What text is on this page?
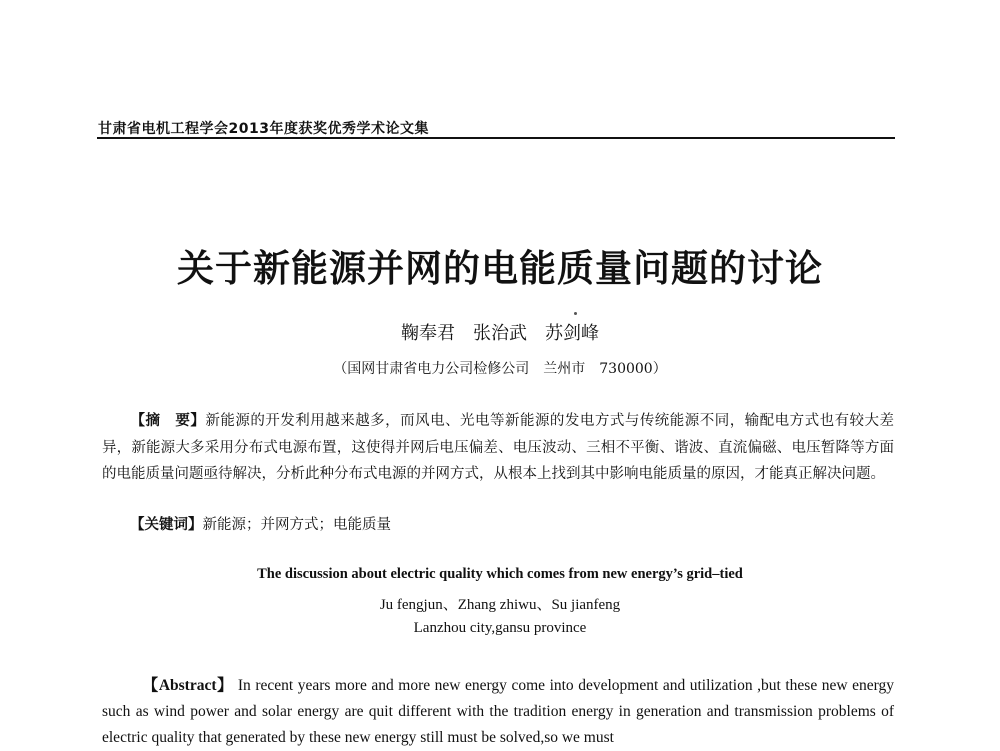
甘肃省电机工程学会2013年度获奖优秀学术论文集
关于新能源并网的电能质量问题的讨论
鞠奉君　张治武　苏剑峰
（国网甘肃省电力公司检修公司　兰州市　730000）
【摘　要】新能源的开发利用越来越多，而风电、光电等新能源的发电方式与传统能源不同，输配电方式也有较大差异，新能源大多采用分布式电源布置，这使得并网后电压偏差、电压波动、三相不平衡、谐波、直流偏磁、电压暂降等方面的电能质量问题亟待解决，分析此种分布式电源的并网方式，从根本上找到其中影响电能质量的原因，才能真正解决问题。
【关键词】新能源；并网方式；电能质量
The discussion about electric quality which comes from new energy’s grid–tied
Ju fengjun、Zhang zhiwu、Su jianfeng
Lanzhou city,gansu province
【Abstract】 In recent years more and more new energy come into development and utilization ,but these new energy such as wind power and solar energy are quit different with the tradition energy in generation and transmission problems of electric quality that generated by these new energy still must be solved,so we must
